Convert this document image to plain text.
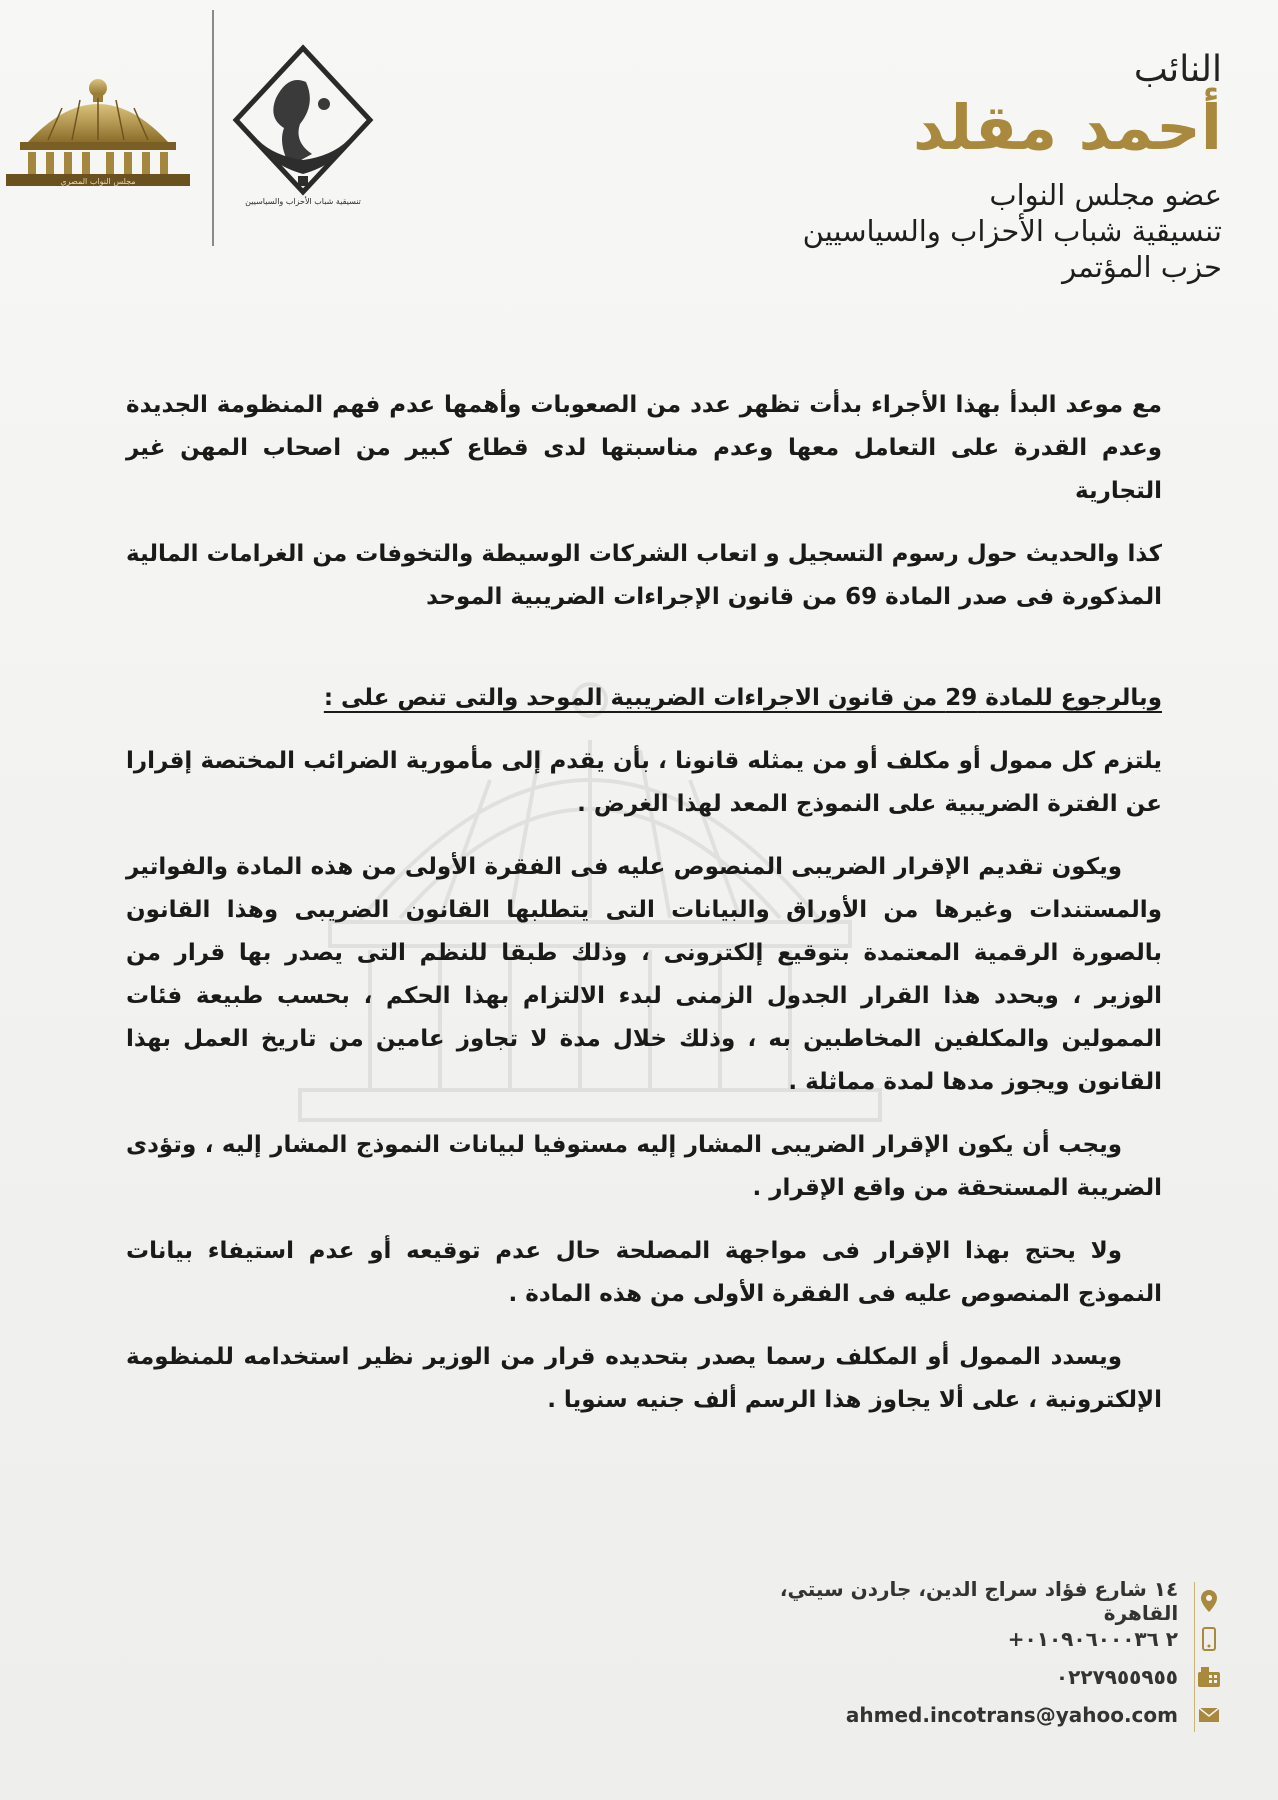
مجلس النواب المصري
تنسيقية شباب الأحزاب والسياسيين
النائب
أحمد مقلد
عضو مجلس النواب
تنسيقية شباب الأحزاب والسياسيين
حزب المؤتمر

مع موعد البدأ بهذا الأجراء بدأت تظهر عدد من الصعوبات وأهمها عدم فهم المنظومة الجديدة وعدم القدرة على التعامل معها وعدم مناسبتها لدى قطاع كبير من اصحاب المهن غير التجارية

كذا والحديث حول رسوم التسجيل و اتعاب الشركات الوسيطة والتخوفات من الغرامات المالية المذكورة فى صدر المادة 69 من قانون الإجراءات الضريبية الموحد

وبالرجوع للمادة 29 من قانون الاجراءات الضريبية الموحد والتى تنص على :

يلتزم كل ممول أو مكلف أو من يمثله قانونا ، بأن يقدم إلى مأمورية الضرائب المختصة إقرارا عن الفترة الضريبية على النموذج المعد لهذا الغرض .

ويكون تقديم الإقرار الضريبى المنصوص عليه فى الفقرة الأولى من هذه المادة والفواتير والمستندات وغيرها من الأوراق والبيانات التى يتطلبها القانون الضريبى وهذا القانون بالصورة الرقمية المعتمدة بتوقيع إلكترونى ، وذلك طبقا للنظم التى يصدر بها قرار من الوزير ، ويحدد هذا القرار الجدول الزمنى لبدء الالتزام بهذا الحكم ، بحسب طبيعة فئات الممولين والمكلفين المخاطبين به ، وذلك خلال مدة لا تجاوز عامين من تاريخ العمل بهذا القانون ويجوز مدها لمدة مماثلة .

ويجب أن يكون الإقرار الضريبى المشار إليه مستوفيا لبيانات النموذج المشار إليه ، وتؤدى الضريبة المستحقة من واقع الإقرار .

ولا يحتج بهذا الإقرار فى مواجهة المصلحة حال عدم توقيعه أو عدم استيفاء بيانات النموذج المنصوص عليه فى الفقرة الأولى من هذه المادة .

ويسدد الممول أو المكلف رسما يصدر بتحديده قرار من الوزير نظير استخدامه للمنظومة الإلكترونية ، على ألا يجاوز هذا الرسم ألف جنيه سنويا .

١٤ شارع فؤاد سراج الدين، جاردن سيتي، القاهرة
+٢ ٠١٠٩٠٦٠٠٠٣٦
٠٢٢٧٩٥٥٩٥٥
ahmed.incotrans@yahoo.com
